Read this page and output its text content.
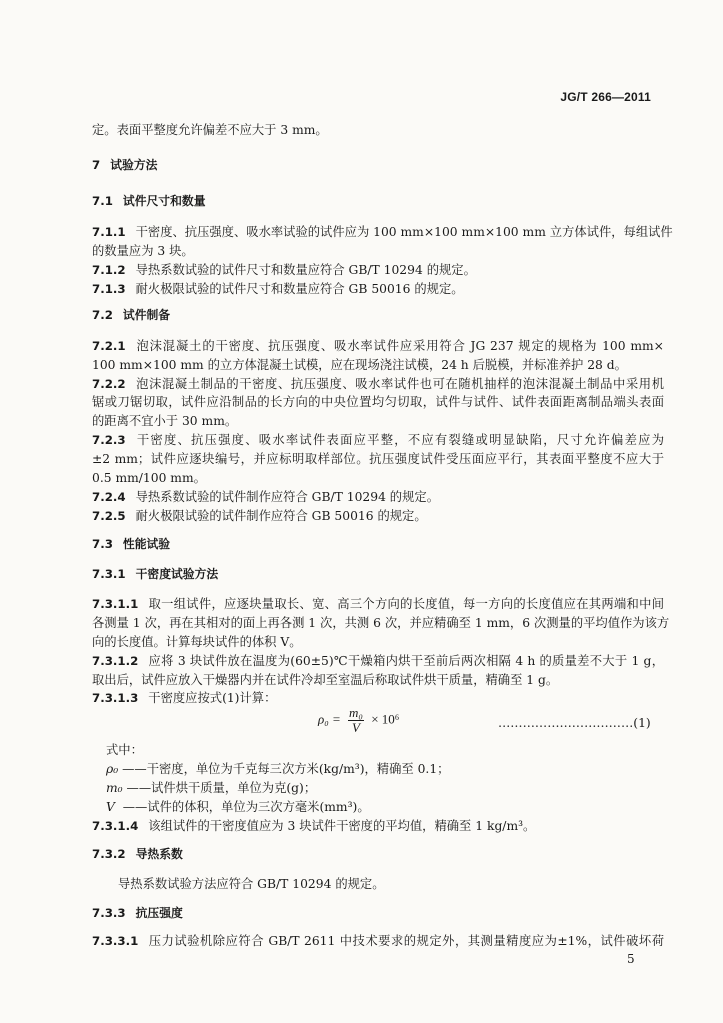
JG/T 266—2011
定。表面平整度允许偏差不应大于 3 mm。
7 试验方法
7.1 试件尺寸和数量
7.1.1 干密度、抗压强度、吸水率试验的试件应为 100 mm×100 mm×100 mm 立方体试件，每组试件
的数量应为 3 块。
7.1.2 导热系数试验的试件尺寸和数量应符合 GB/T 10294 的规定。
7.1.3 耐火极限试验的试件尺寸和数量应符合 GB 50016 的规定。
7.2 试件制备
7.2.1 泡沫混凝土的干密度、抗压强度、吸水率试件应采用符合 JG 237 规定的规格为 100 mm×
100 mm×100 mm 的立方体混凝土试模，应在现场浇注试模，24 h 后脱模，并标准养护 28 d。
7.2.2 泡沫混凝土制品的干密度、抗压强度、吸水率试件也可在随机抽样的泡沫混凝土制品中采用机
锯或刀锯切取，试件应沿制品的长方向的中央位置均匀切取，试件与试件、试件表面距离制品端头表面
的距离不宜小于 30 mm。
7.2.3 干密度、抗压强度、吸水率试件表面应平整，不应有裂缝或明显缺陷，尺寸允许偏差应为
±2 mm；试件应逐块编号，并应标明取样部位。抗压强度试件受压面应平行，其表面平整度不应大于
0.5 mm/100 mm。
7.2.4 导热系数试验的试件制作应符合 GB/T 10294 的规定。
7.2.5 耐火极限试验的试件制作应符合 GB 50016 的规定。
7.3 性能试验
7.3.1 干密度试验方法
7.3.1.1 取一组试件，应逐块量取长、宽、高三个方向的长度值，每一方向的长度值应在其两端和中间
各测量 1 次，再在其相对的面上再各测 1 次，共测 6 次，并应精确至 1 mm，6 次测量的平均值作为该方
向的长度值。计算每块试件的体积 V。
7.3.1.2 应将 3 块试件放在温度为(60±5)℃干燥箱内烘干至前后两次相隔 4 h 的质量差不大于 1 g，
取出后，试件应放入干燥器内并在试件冷却至室温后称取试件烘干质量，精确至 1 g。
7.3.1.3 干密度应按式(1)计算：
$\rho_0 = \frac{\text{m₀}}{V} \times 10^6$	……………………………(1)
式中：
ρ₀ ——干密度，单位为千克每三次方米(kg/m³)，精确至 0.1；
m₀ ——试件烘干质量，单位为克(g)；
V ——试件的体积，单位为三次方毫米(mm³)。
7.3.1.4 该组试件的干密度值应为 3 块试件干密度的平均值，精确至 1 kg/m³。
7.3.2 导热系数
导热系数试验方法应符合 GB/T 10294 的规定。
7.3.3 抗压强度
7.3.3.1 压力试验机除应符合 GB/T 2611 中技术要求的规定外，其测量精度应为±1%，试件破坏荷
5
